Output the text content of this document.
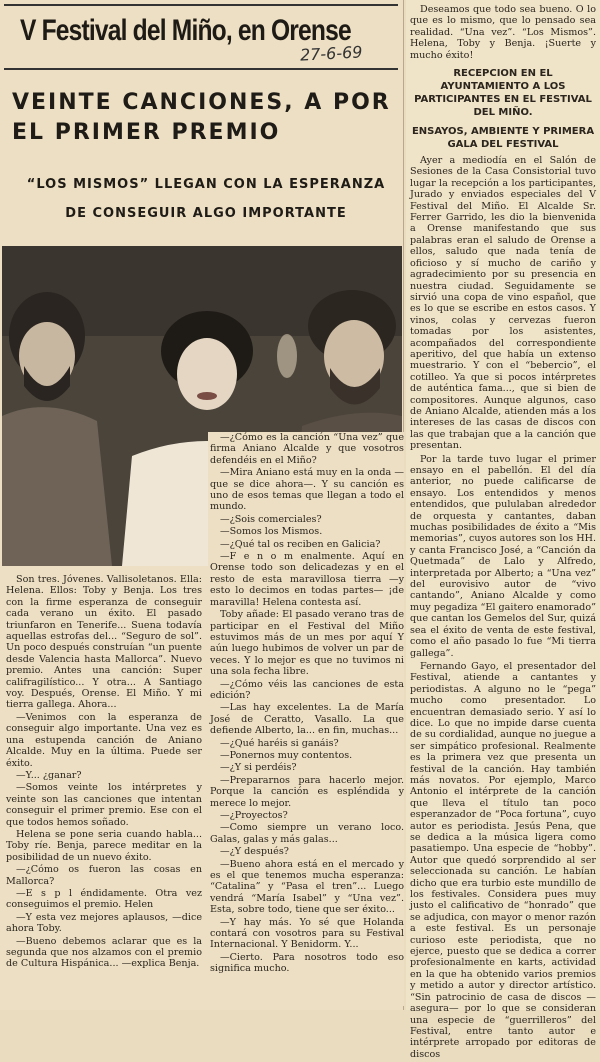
V Festival del Miño, en Orense
27-6-69
VEINTE CANCIONES, A POR EL PRIMER PREMIO
“LOS MISMOS” LLEGAN CON LA ESPERANZA DE CONSEGUIR ALGO IMPORTANTE

Son tres. Jóvenes. Vallisoletanos. Ella: Helena. Ellos: Toby y Benja. Los tres con la firme esperanza de conseguir cada verano un éxito. El pasado triunfaron en Tenerife... Suena todavía aquellas estrofas del... “Seguro de sol”. Un poco después construían “un puente desde Valencia hasta Mallorca”. Nuevo premio. Antes una canción: Super califragilístico... Y otra... A Santiago voy. Después, Orense. El Miño. Y mi tierra gallega. Ahora...

—Venimos con la esperanza de conseguir algo importante. Una vez es una estupenda canción de Aniano Alcalde. Muy en la última. Puede ser éxito.

—Y... ¿ganar?

—Somos veinte los intérpretes y veinte son las canciones que intentan conseguir el primer premio. Ese con el que todos hemos soñado.

Helena se pone seria cuando habla... Toby ríe. Benja, parece meditar en la posibilidad de un nuevo éxito.

—¿Cómo os fueron las cosas en Mallorca?

—E s p l éndidamente. Otra vez conseguimos el premio. Helen

—Y esta vez mejores aplausos, —dice ahora Toby.

—Bueno debemos aclarar que es la segunda que nos alzamos con el premio de Cultura Hispánica... —explica Benja.

—¿Cómo es la canción “Una vez” que firma Aniano Alcalde y que vosotros defendéis en el Miño?

—Mira Aniano está muy en la onda —que se dice ahora—. Y su canción es uno de esos temas que llegan a todo el mundo.

—¿Sois comerciales?

—Somos los Mismos.

—¿Qué tal os reciben en Galicia?

—F e n o m enalmente. Aquí en Orense todo son delicadezas y en el resto de esta maravillosa tierra —y esto lo decimos en todas partes— ¡de maravilla! Helena contesta así.

Toby añade: El pasado verano tras de participar en el Festival del Miño estuvimos más de un mes por aquí Y aún luego hubimos de volver un par de veces. Y lo mejor es que no tuvimos ni una sola fecha libre.

—¿Cómo véis las canciones de esta edición?

—Las hay excelentes. La de María José de Ceratto, Vasallo. La que defiende Alberto, la... en fin, muchas...

—¿Qué haréis si ganáis?

—Ponernos muy contentos.

—¿Y si perdéis?

—Prepararnos para hacerlo mejor. Porque la canción es espléndida y merece lo mejor.

—¿Proyectos?

—Como siempre un verano loco. Galas, galas y más galas...

—¿Y después?

—Bueno ahora está en el mercado y es el que tenemos mucha esperanza: “Catalina” y “Pasa el tren”... Luego vendrá “María Isabel” y “Una vez”. Esta, sobre todo, tiene que ser éxito...

—Y hay más. Yo sé que Holanda contará con vosotros para su Festival Internacional. Y Benidorm. Y...

—Cierto. Para nosotros todo eso significa mucho.

Deseamos que todo sea bueno. O lo que es lo mismo, que lo pensado sea realidad. “Una vez”. “Los Mismos”. Helena, Toby y Benja. ¡Suerte y mucho éxito!

RECEPCION EN EL AYUNTAMIENTO A LOS PARTICIPANTES EN EL FESTIVAL DEL MIÑO.
ENSAYOS, AMBIENTE Y PRIMERA GALA DEL FESTIVAL

Ayer a mediodía en el Salón de Sesiones de la Casa Consistorial tuvo lugar la recepción a los participantes, Jurado y enviados especiales del V Festival del Miño. El Alcalde Sr. Ferrer Garrido, les dio la bienvenida a Orense manifestando que sus palabras eran el saludo de Orense a ellos, saludo que nada tenía de oficioso y sí mucho de cariño y agradecimiento por su presencia en nuestra ciudad. Seguidamente se sirvió una copa de vino español, que es lo que se escribe en estos casos. Y vinos, colas y cervezas fueron tomadas por los asistentes, acompañados del correspondiente aperitivo, del que había un extenso muestrario. Y con el “bebercio”, el cotilleo. Ya que si pocos intérpretes de auténtica fama..., que si bien de compositores. Aunque algunos, caso de Aniano Alcalde, atienden más a los intereses de las casas de discos con las que trabajan que a la canción que presentan.

Por la tarde tuvo lugar el primer ensayo en el pabellón. El del día anterior, no puede calificarse de ensayo. Los entendidos y menos entendidos, que pululaban alrededor de orquesta y cantantes, daban muchas posibilidades de éxito a “Mis memorias”, cuyos autores son los HH. y canta Francisco José, a “Canción da Quetmada” de Lalo y Alfredo, interpretada por Alberto; a “Una vez” del eurovisivo autor de “vivo cantando”, Aniano Alcalde y como muy pegadiza “El gaitero enamorado” que cantan los Gemelos del Sur, quizá sea el éxito de venta de este festival, como el año pasado lo fue “Mi tierra gallega”.

Fernando Gayo, el presentador del Festival, atiende a cantantes y periodistas. A alguno no le “pega” mucho como presentador. Lo encuentran demasiado serio. Y así lo dice. Lo que no impide darse cuenta de su cordialidad, aunque no juegue a ser simpático profesional. Realmente es la primera vez que presenta un festival de la canción. Hay también más novatos. Por ejemplo, Marco Antonio el intérprete de la canción que lleva el título tan poco esperanzador de “Poca fortuna”, cuyo autor es periodista. Jesús Pena, que se dedica a la música ligera como pasatiempo. Una especie de “hobby”. Autor que quedó sorprendido al ser seleccionada su canción. Le habían dicho que era turbio este mundillo de los festivales. Considera pues muy justo el calificativo de “honrado” que se adjudica, con mayor o menor razón a este festival. Es un personaje curioso este periodista, que no ejerce, puesto que se dedica a correr profesionalmente en karts, actividad en la que ha obtenido varios premios y metido a autor y director artístico. “Sin patrocinio de casa de discos —asegura— por lo que se consideran una especie de “guerrilleros” del Festival, entre tanto autor e intérprete arropado por editoras de discos
